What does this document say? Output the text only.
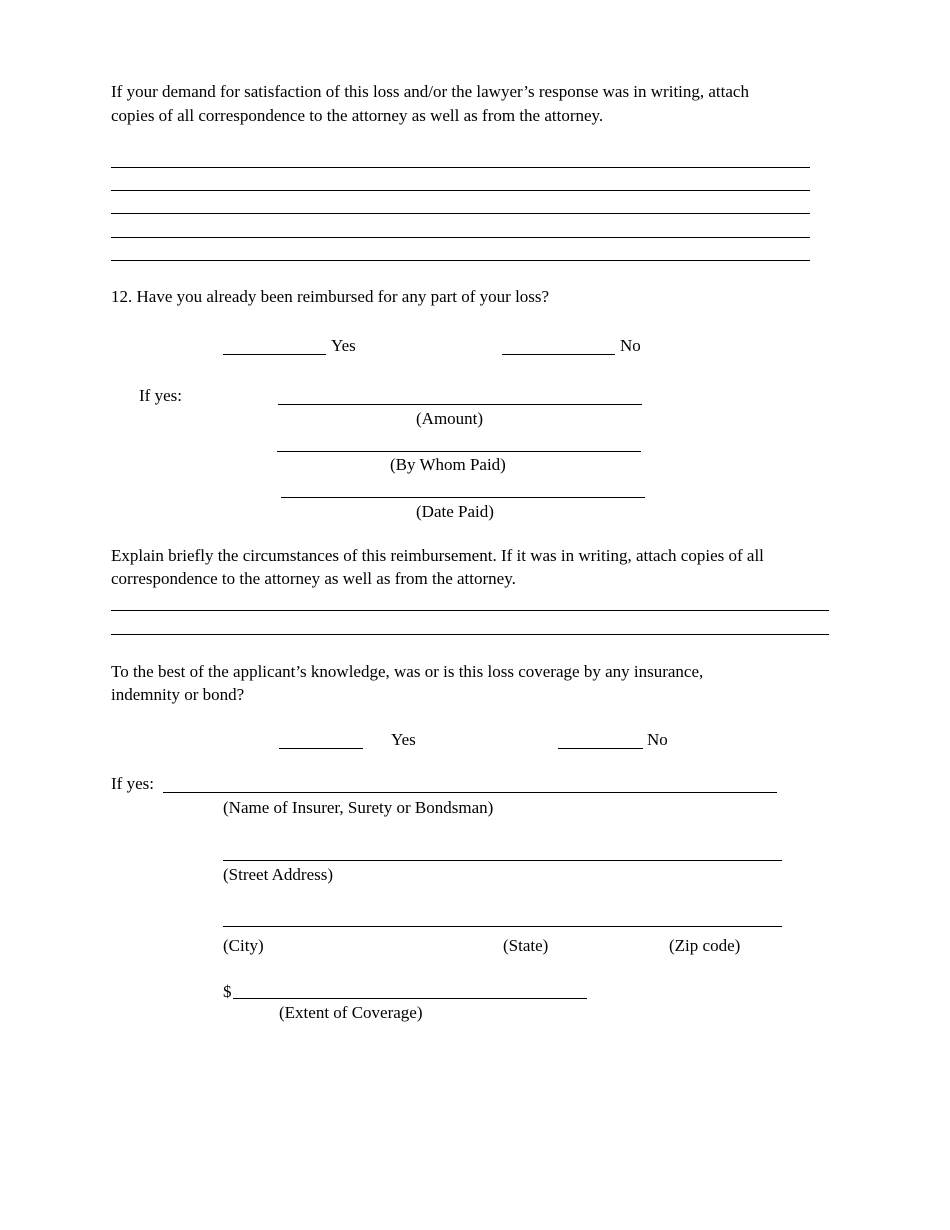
If your demand for satisfaction of this loss and/or the lawyer’s response was in writing, attach
copies of all correspondence to the attorney as well as from the attorney.
12. Have you already been reimbursed for any part of your loss?
Yes	No
If yes:
(Amount)
(By Whom Paid)
(Date Paid)
Explain briefly the circumstances of this reimbursement. If it was in writing, attach copies of all
correspondence to the attorney as well as from the attorney.
To the best of the applicant’s knowledge, was or is this loss coverage by any insurance,
indemnity or bond?
Yes	No
If yes:
(Name of Insurer, Surety or Bondsman)
(Street Address)
(City)	(State)	(Zip code)
$
(Extent of Coverage)
